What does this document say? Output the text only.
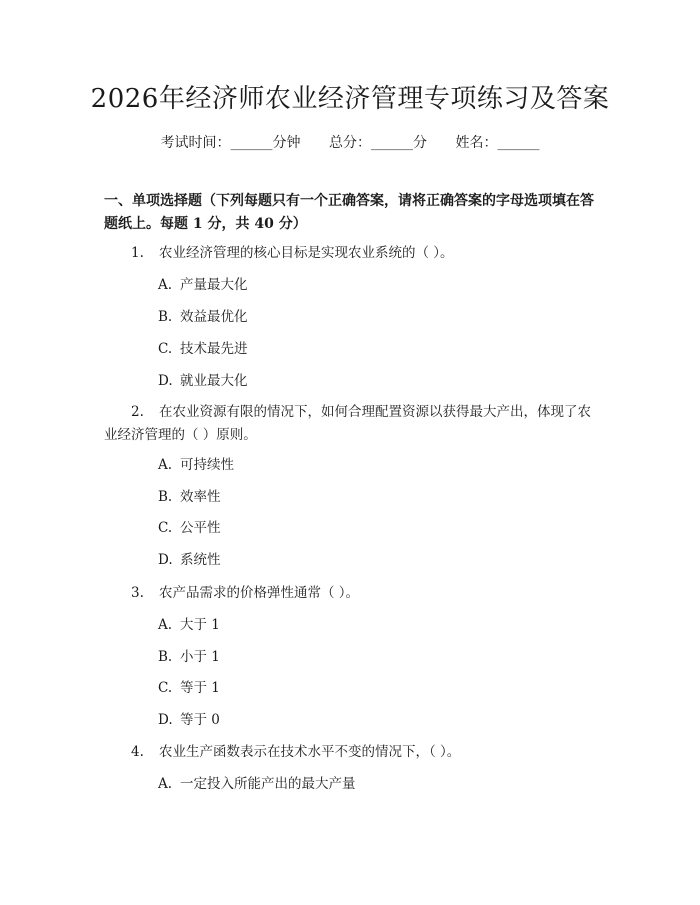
2026年经济师农业经济管理专项练习及答案
考试时间：______分钟 总分：______分 姓名：______
一、单项选择题（下列每题只有一个正确答案，请将正确答案的字母选项填在答
题纸上。每题 1 分，共 40 分）
1. 农业经济管理的核心目标是实现农业系统的（ ）。
A. 产量最大化
B. 效益最优化
C. 技术最先进
D. 就业最大化
2. 在农业资源有限的情况下，如何合理配置资源以获得最大产出，体现了农
业经济管理的（ ）原则。
A. 可持续性
B. 效率性
C. 公平性
D. 系统性
3. 农产品需求的价格弹性通常（ ）。
A. 大于 1
B. 小于 1
C. 等于 1
D. 等于 0
4. 农业生产函数表示在技术水平不变的情况下，（ ）。
A. 一定投入所能产出的最大产量
